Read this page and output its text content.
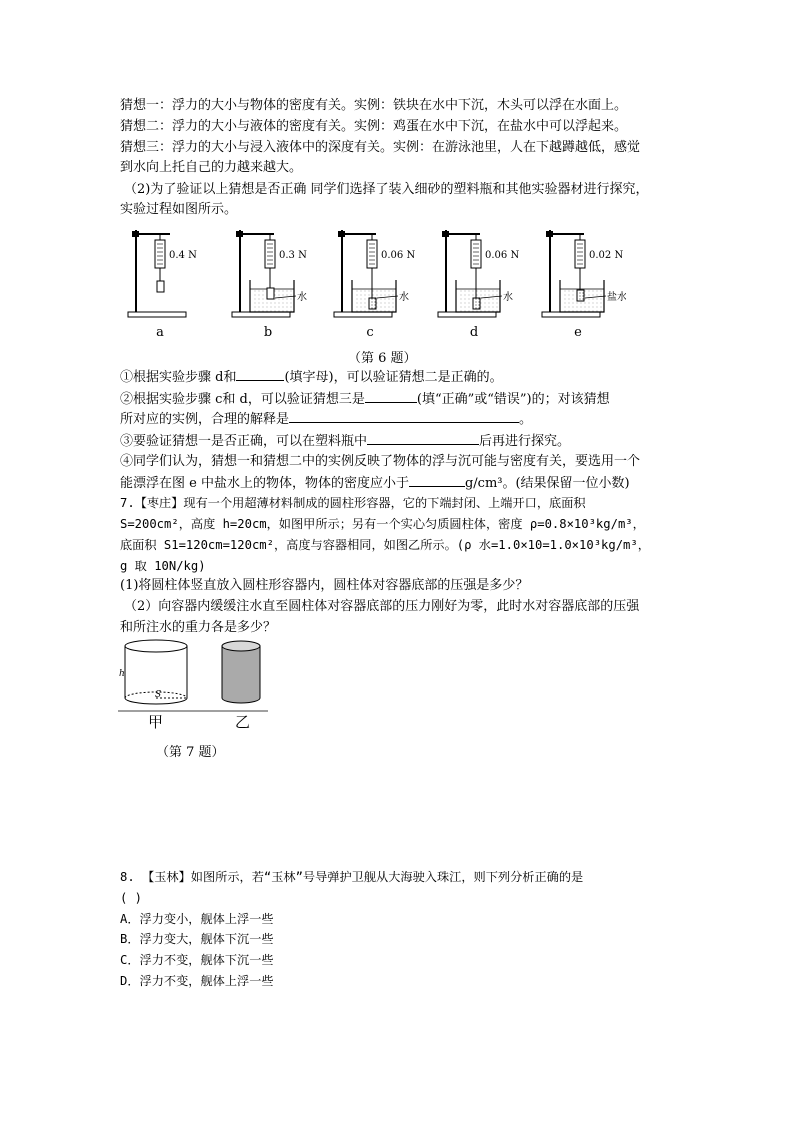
猜想一：浮力的大小与物体的密度有关。实例：铁块在水中下沉，木头可以浮在水面上。
猜想二：浮力的大小与液体的密度有关。实例：鸡蛋在水中下沉，在盐水中可以浮起来。
猜想三：浮力的大小与浸入液体中的深度有关。实例：在游泳池里，人在下越蹲越低，感觉
到水向上托自己的力越来越大。
（2)为了验证以上猜想是否正确 同学们选择了装入细砂的塑料瓶和其他实验器材进行探究，
实验过程如图所示。
0.4 N
a
0.3 N
水
b
0.06 N
水
c
0.06 N
水
d
0.02 N
盐水
e
（第 6 题）
①根据实验步骤 d和	(填字母)，可以验证猜想二是正确的。
②根据实验步骤 c和 d，可以验证猜想三是	(填“正确”或“错误”)的；对该猜想
所对应的实例，合理的解释是	。
③要验证猜想一是否正确，可以在塑料瓶中	后再进行探究。
④同学们认为，猜想一和猜想二中的实例反映了物体的浮与沉可能与密度有关，要选用一个
能漂浮在图 e 中盐水上的物体，物体的密度应小于	g/cm³。(结果保留一位小数)
7.【枣庄】现有一个用超薄材料制成的圆柱形容器，它的下端封闭、上端开口，底面积
S=200cm²，高度 h=20cm，如图甲所示；另有一个实心匀质圆柱体，密度 ρ=0.8×10³kg/m³，
底面积 S1=120cm=120cm²，高度与容器相同，如图乙所示。(ρ 水=1.0×10=1.0×10³kg/m³，
g 取 10N/kg)
(1)将圆柱体竖直放入圆柱形容器内，圆柱体对容器底部的压强是多少？
（2）向容器内缓缓注水直至圆柱体对容器底部的压力刚好为零，此时水对容器底部的压强
和所注水的重力各是多少？
h
S
甲	乙
（第 7 题）
8. 【玉林】如图所示，若“玉林”号导弹护卫舰从大海驶入珠江，则下列分析正确的是
( )
A．浮力变小，舰体上浮一些
B．浮力变大，舰体下沉一些
C．浮力不变，舰体下沉一些
D．浮力不变，舰体上浮一些
